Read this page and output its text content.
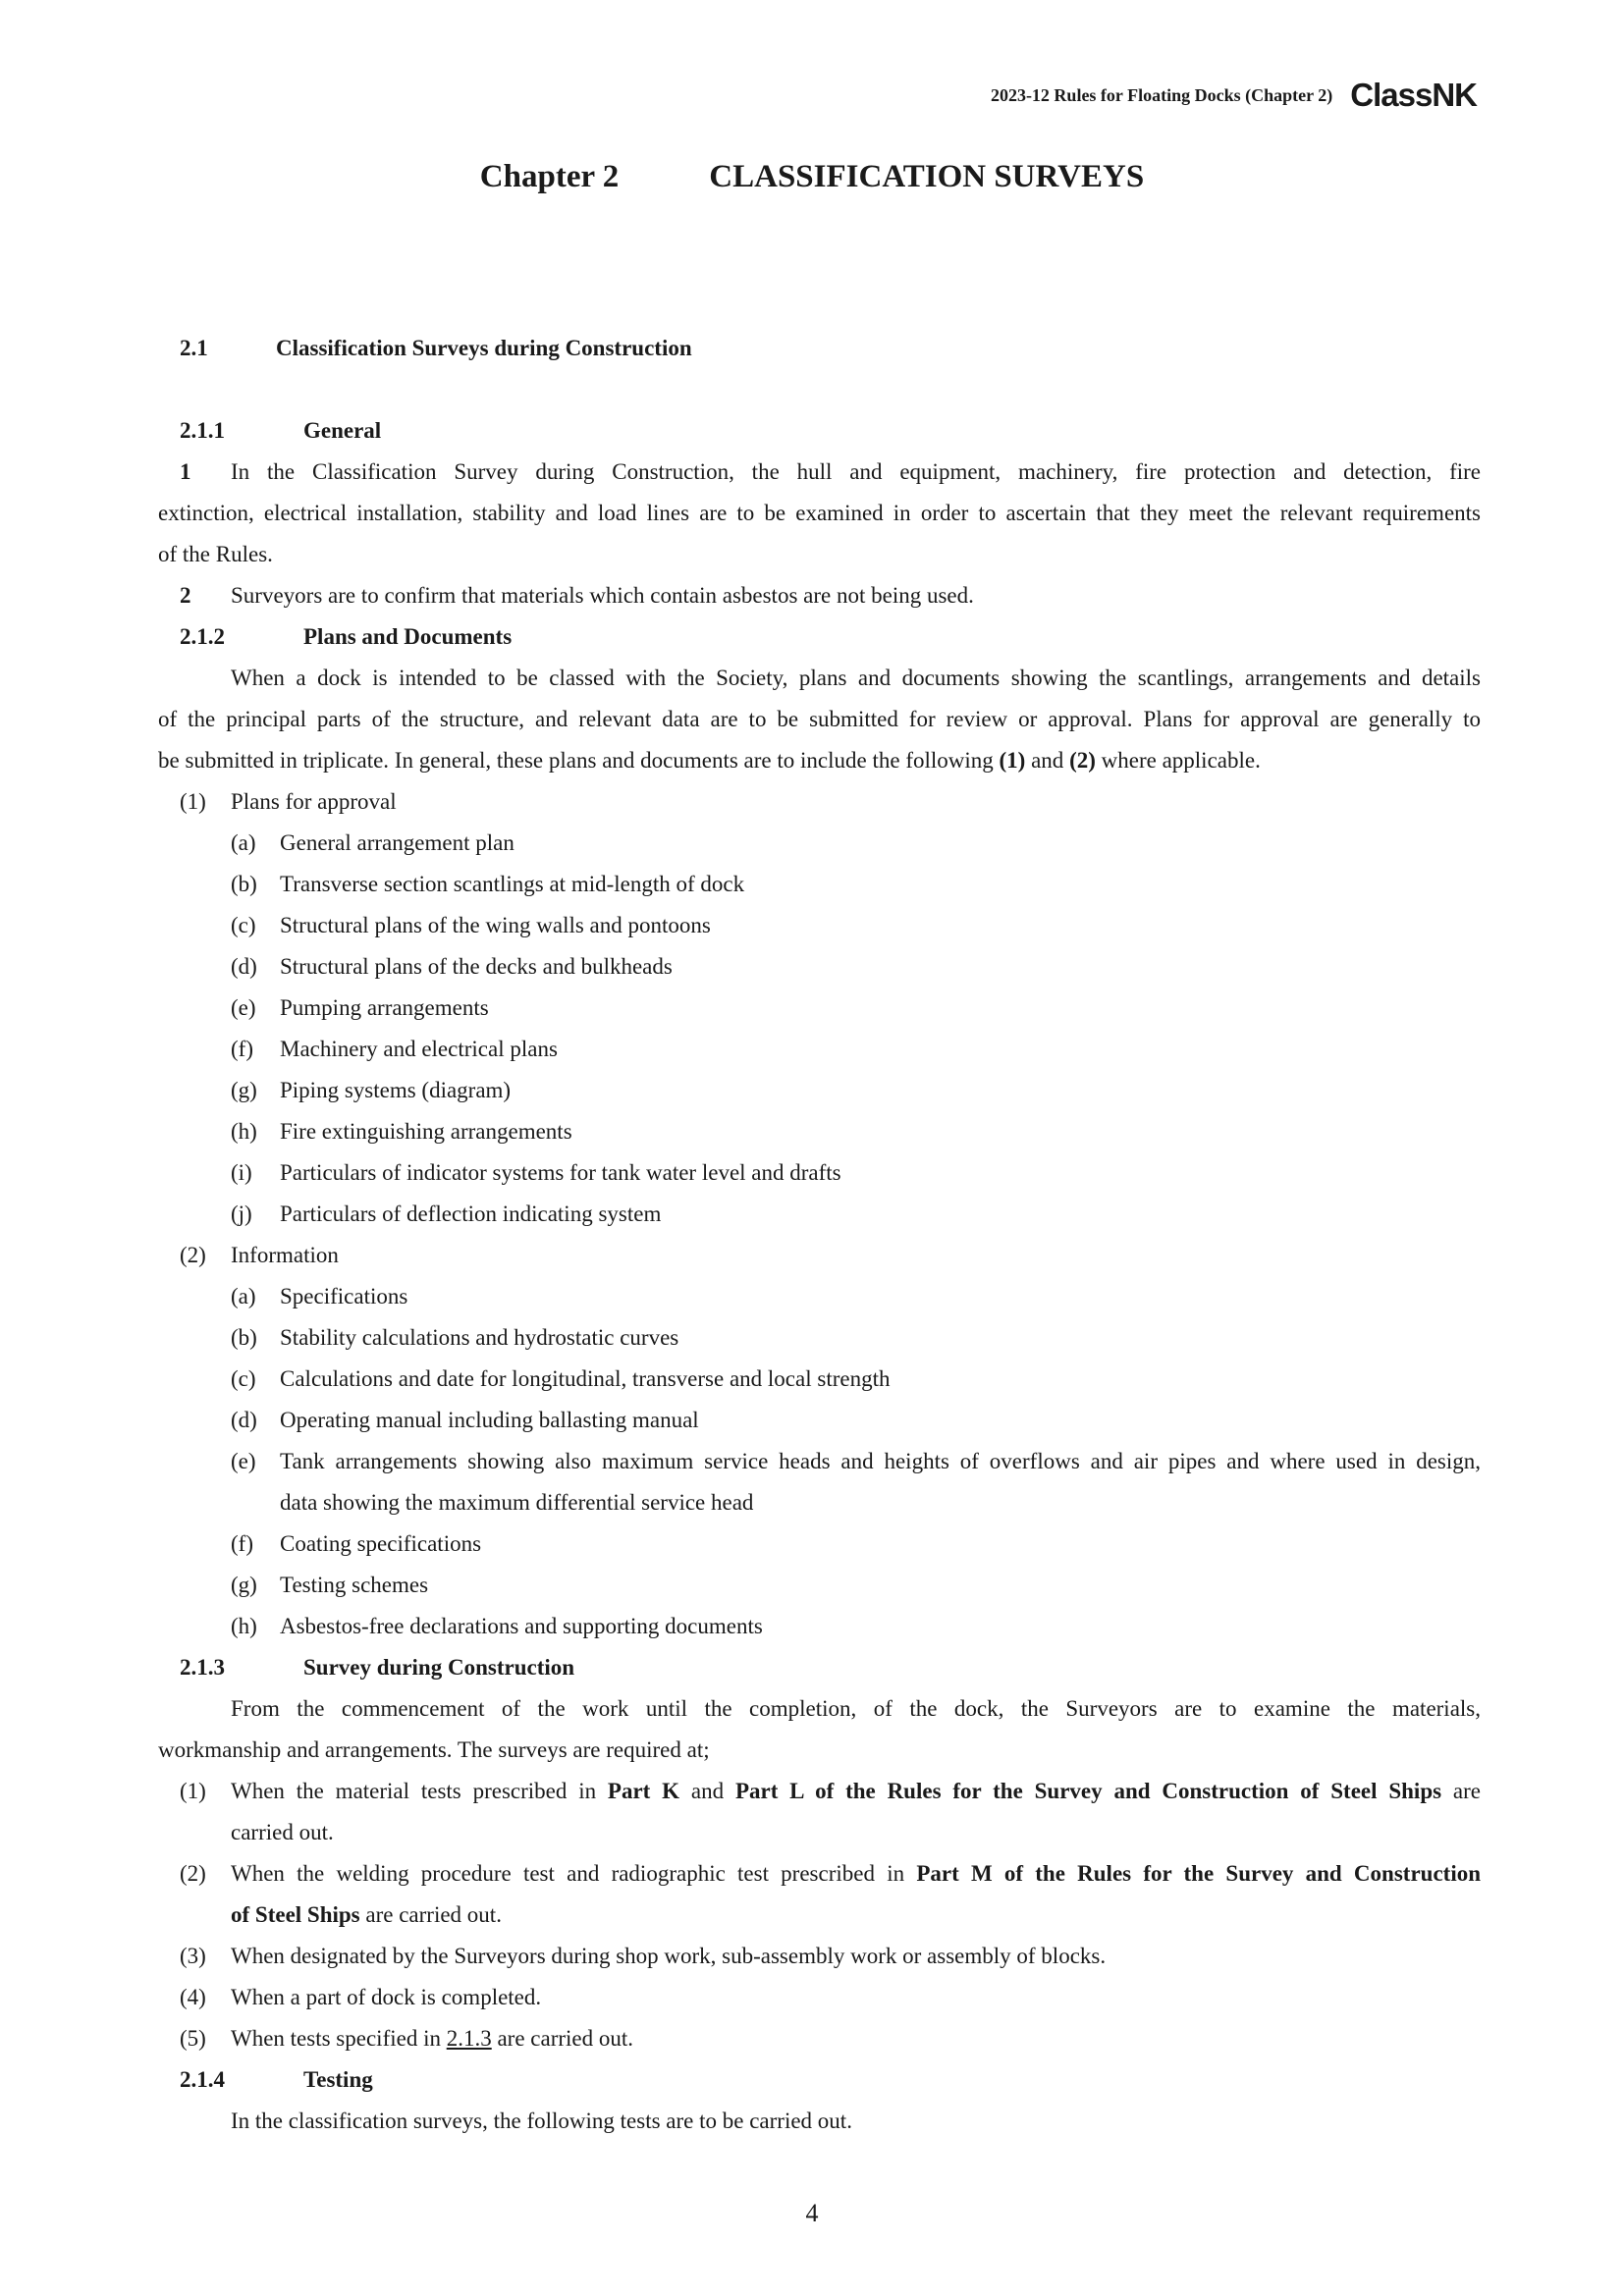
2023-12 Rules for Floating Docks (Chapter 2) ClassNK
Chapter 2	CLASSIFICATION SURVEYS
2.1	Classification Surveys during Construction
2.1.1	General
1 In the Classification Survey during Construction, the hull and equipment, machinery, fire protection and detection, fire
extinction, electrical installation, stability and load lines are to be examined in order to ascertain that they meet the relevant requirements
of the Rules.
2 Surveyors are to confirm that materials which contain asbestos are not being used.
2.1.2	Plans and Documents
When a dock is intended to be classed with the Society, plans and documents showing the scantlings, arrangements and details
of the principal parts of the structure, and relevant data are to be submitted for review or approval. Plans for approval are generally to
be submitted in triplicate. In general, these plans and documents are to include the following (1) and (2) where applicable.
(1) Plans for approval
(a) General arrangement plan
(b) Transverse section scantlings at mid-length of dock
(c) Structural plans of the wing walls and pontoons
(d) Structural plans of the decks and bulkheads
(e) Pumping arrangements
(f) Machinery and electrical plans
(g) Piping systems (diagram)
(h) Fire extinguishing arrangements
(i) Particulars of indicator systems for tank water level and drafts
(j) Particulars of deflection indicating system
(2) Information
(a) Specifications
(b) Stability calculations and hydrostatic curves
(c) Calculations and date for longitudinal, transverse and local strength
(d) Operating manual including ballasting manual
(e) Tank arrangements showing also maximum service heads and heights of overflows and air pipes and where used in design,
data showing the maximum differential service head
(f) Coating specifications
(g) Testing schemes
(h) Asbestos-free declarations and supporting documents
2.1.3	Survey during Construction
From the commencement of the work until the completion, of the dock, the Surveyors are to examine the materials,
workmanship and arrangements. The surveys are required at;
(1) When the material tests prescribed in Part K and Part L of the Rules for the Survey and Construction of Steel Ships are
carried out.
(2) When the welding procedure test and radiographic test prescribed in Part M of the Rules for the Survey and Construction
of Steel Ships are carried out.
(3) When designated by the Surveyors during shop work, sub-assembly work or assembly of blocks.
(4) When a part of dock is completed.
(5) When tests specified in 2.1.3 are carried out.
2.1.4	Testing
In the classification surveys, the following tests are to be carried out.
4
